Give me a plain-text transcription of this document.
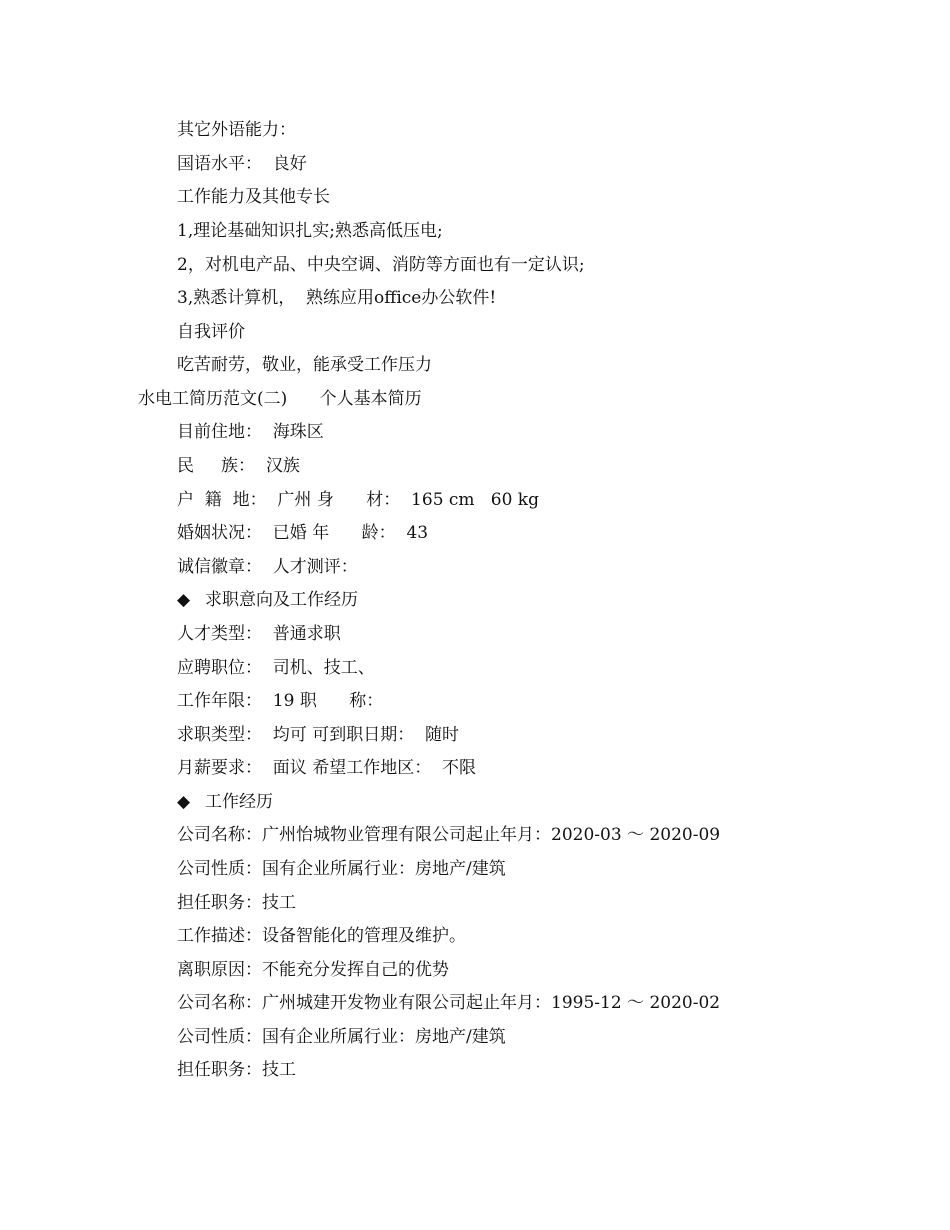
其它外语能力：
国语水平：  良好
工作能力及其他专长
1,理论基础知识扎实;熟悉高低压电;
2，对机电产品、中央空调、消防等方面也有一定认识;
3,熟悉计算机，  熟练应用office办公软件!
自我评价
吃苦耐劳，敬业，能承受工作压力
水电工简历范文(二)      个人基本简历
目前住地：  海珠区
民     族：  汉族
户  籍  地：  广州 身      材：  165 cm   60 kg
婚姻状况：  已婚 年      龄：  43
诚信徽章：  人才测评：
◆ 求职意向及工作经历
人才类型：  普通求职
应聘职位：  司机、技工、
工作年限：  19 职      称：
求职类型：  均可 可到职日期：  随时
月薪要求：  面议 希望工作地区：  不限
◆ 工作经历
公司名称：广州怡城物业管理有限公司起止年月：2020-03 ～ 2020-09
公司性质：国有企业所属行业：房地产/建筑
担任职务：技工
工作描述：设备智能化的管理及维护。
离职原因：不能充分发挥自己的优势
公司名称：广州城建开发物业有限公司起止年月：1995-12 ～ 2020-02
公司性质：国有企业所属行业：房地产/建筑
担任职务：技工
